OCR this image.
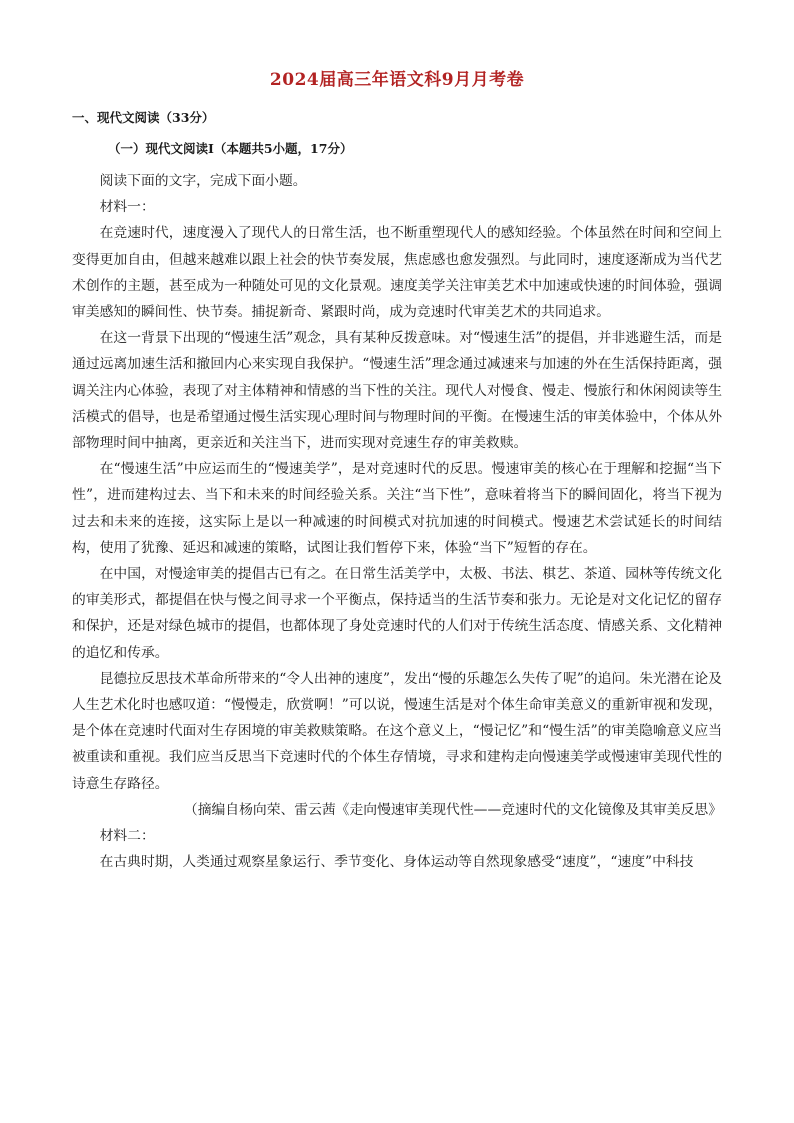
2024届高三年语文科9月月考卷
一、现代文阅读（33分）
（一）现代文阅读Ⅰ（本题共5小题，17分）

阅读下面的文字，完成下面小题。

材料一：

在竞速时代，速度漫入了现代人的日常生活，也不断重塑现代人的感知经验。个体虽然在时间和空间上变得更加自由，但越来越难以跟上社会的快节奏发展，焦虑感也愈发强烈。与此同时，速度逐渐成为当代艺术创作的主题，甚至成为一种随处可见的文化景观。速度美学关注审美艺术中加速或快速的时间体验，强调审美感知的瞬间性、快节奏。捕捉新奇、紧跟时尚，成为竞速时代审美艺术的共同追求。

在这一背景下出现的“慢速生活”观念，具有某种反拨意味。对“慢速生活”的提倡，并非逃避生活，而是通过远离加速生活和撤回内心来实现自我保护。“慢速生活”理念通过减速来与加速的外在生活保持距离，强调关注内心体验，表现了对主体精神和情感的当下性的关注。现代人对慢食、慢走、慢旅行和休闲阅读等生活模式的倡导，也是希望通过慢生活实现心理时间与物理时间的平衡。在慢速生活的审美体验中，个体从外部物理时间中抽离，更亲近和关注当下，进而实现对竞速生存的审美救赎。

在“慢速生活”中应运而生的“慢速美学”，是对竞速时代的反思。慢速审美的核心在于理解和挖掘“当下性”，进而建构过去、当下和未来的时间经验关系。关注“当下性”，意味着将当下的瞬间固化，将当下视为过去和未来的连接，这实际上是以一种减速的时间模式对抗加速的时间模式。慢速艺术尝试延长的时间结构，使用了犹豫、延迟和减速的策略，试图让我们暂停下来，体验“当下”短暂的存在。

在中国，对慢途审美的提倡古已有之。在日常生活美学中，太极、书法、棋艺、茶道、园林等传统文化的审美形式，都提倡在快与慢之间寻求一个平衡点，保持适当的生活节奏和张力。无论是对文化记忆的留存和保护，还是对绿色城市的提倡，也都体现了身处竞速时代的人们对于传统生活态度、情感关系、文化精神的追忆和传承。

昆德拉反思技术革命所带来的“令人出神的速度”，发出“慢的乐趣怎么失传了呢”的追问。朱光潜在论及人生艺术化时也感叹道：“慢慢走，欣赏啊！”可以说，慢速生活是对个体生命审美意义的重新审视和发现，是个体在竞速时代面对生存困境的审美救赎策略。在这个意义上，“慢记忆”和“慢生活”的审美隐喻意义应当被重读和重视。我们应当反思当下竞速时代的个体生存情境，寻求和建构走向慢速美学或慢速审美现代性的诗意生存路径。

（摘编自杨向荣、雷云茜《走向慢速审美现代性——竞速时代的文化镜像及其审美反思》

材料二：

在古典时期，人类通过观察星象运行、季节变化、身体运动等自然现象感受“速度”，“速度”中科技
